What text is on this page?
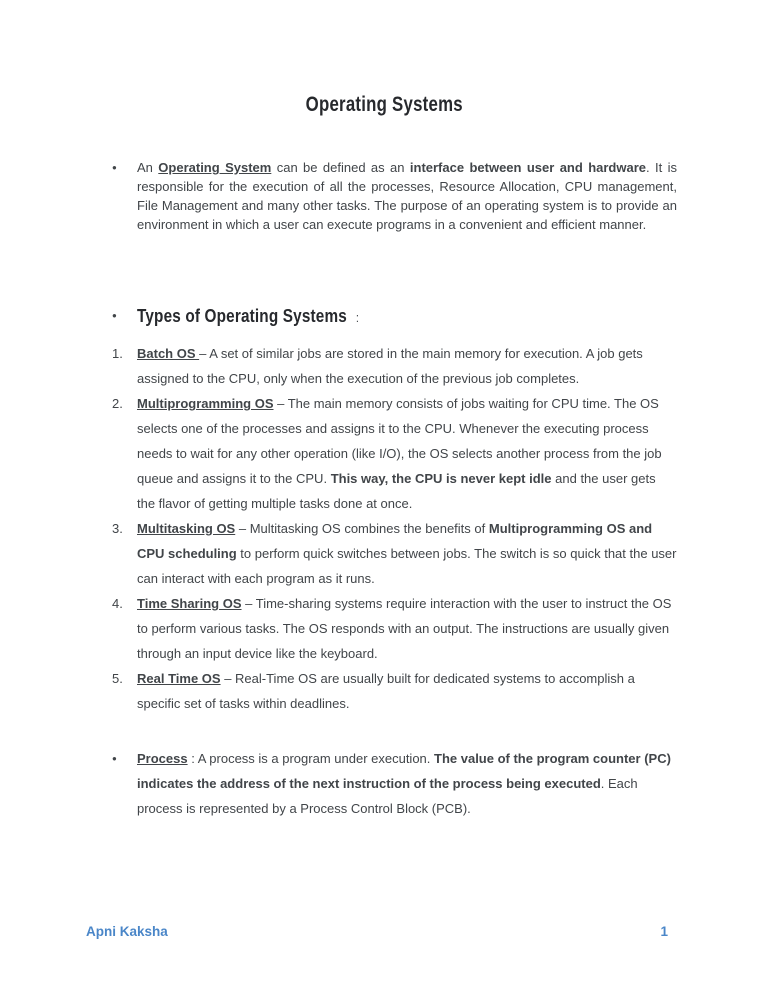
Operating Systems
●	An Operating System can be defined as an interface between user and hardware. It is responsible for the execution of all the processes, Resource Allocation, CPU management, File Management and many other tasks. The purpose of an operating system is to provide an environment in which a user can execute programs in a convenient and efficient manner.

●	Types of Operating Systems :
1.	Batch OS – A set of similar jobs are stored in the main memory for execution. A job gets assigned to the CPU, only when the execution of the previous job completes.

2.	Multiprogramming OS – The main memory consists of jobs waiting for CPU time. The OS selects one of the processes and assigns it to the CPU. Whenever the executing process needs to wait for any other operation (like I/O), the OS selects another process from the job queue and assigns it to the CPU. This way, the CPU is never kept idle and the user gets the flavor of getting multiple tasks done at once.

3.	Multitasking OS – Multitasking OS combines the benefits of Multiprogramming OS and CPU scheduling to perform quick switches between jobs. The switch is so quick that the user can interact with each program as it runs.

4.	Time Sharing OS – Time-sharing systems require interaction with the user to instruct the OS to perform various tasks. The OS responds with an output. The instructions are usually given through an input device like the keyboard.

5.	Real Time OS – Real-Time OS are usually built for dedicated systems to accomplish a specific set of tasks within deadlines.

●	Process : A process is a program under execution. The value of the program counter (PC) indicates the address of the next instruction of the process being executed. Each process is represented by a Process Control Block (PCB).

Apni Kaksha	1
